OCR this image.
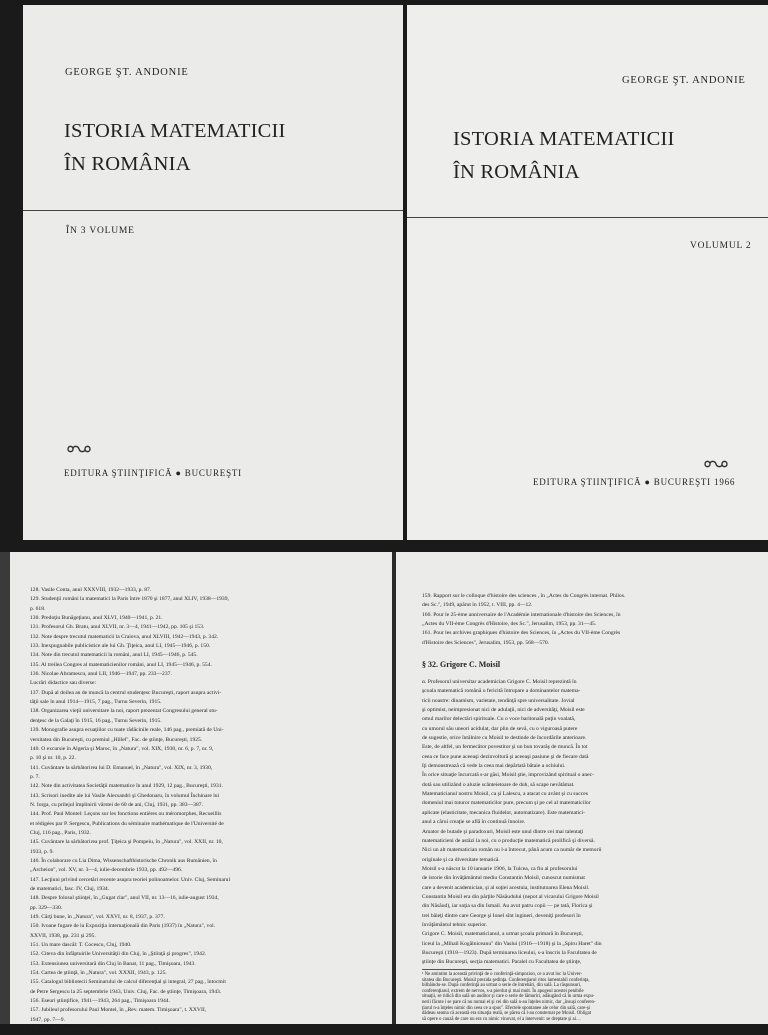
GEORGE ŞT. ANDONIE
ISTORIA MATEMATICII
ÎN ROMÂNIA
ÎN 3 VOLUME
EDITURA ŞTIINŢIFICĂ ● BUCUREŞTI
GEORGE ŞT. ANDONIE
ISTORIA MATEMATICII
ÎN ROMÂNIA
VOLUMUL 2
EDITURA ŞTIINŢIFICĂ ● BUCUREŞTI 1966
128. Vasile Conta, anul XXXVIII, 1932—1933, p. 87.
129. Studenţii români la matematici la Paris între 1870 şi 1877, anul XLIV, 1938—1939,
p. 618.
130. Predoţiu Bunăgeţianu, anul XLVI, 1940—1941, p. 21.
131. Profesorul Gh. Bratu, anul XLVII, nr. 3—4, 1941—1942, pp. 105 şi 153.
132. Note despre trecutul matematicii la Craiova, anul XLVIII, 1942—1943, p. 342.
133. Inexpugnabile publicistice ale lui Gh. Ţiţeica, anul LI, 1945—1946, p. 150.
134. Note din trecutul matematicii la români, anul LI, 1945—1946, p. 545.
135. Al treilea Congres al matematicienilor români, anul LI, 1945—1946, p. 554.
136. Nicolae Abramescu, anul LII, 1946—1947, pp. 233—237.
Lucrări didactice sau diverse:
137. După al doilea an de muncă la centrul studenţesc Bucureşti, raport asupra activi-
tăţii sale în anul 1914—1915, 7 pag., Turnu Severin, 1915.
138. Organizarea vieţii universitare la noi, raport prezentat Congresului general stu-
denţesc de la Galaţi în 1915, 16 pag., Turnu Severin, 1915.
139. Monografie asupra ecuaţiilor cu toate rădăcinile reale, 146 pag., premiată de Uni-
versitatea din Bucureşti, cu premiul „Hillel", Fac. de ştiinţe, Bucureşti, 1925.
140. O excursie în Algeria şi Maroc, în „Natura", vol. XIX, 1930, nr. 6, p. 7, nr. 9,
p. 10 şi nr. 10, p. 22.
141. Cuvântare la sărbătorirea lui D. Emanuel, în „Natura", vol. XIX, nr. 3, 1930,
p. 7.
142. Note din activitatea Societăţii matematice în anul 1929, 12 pag., Bucureşti, 1931.
143. Scrisori inedite ale lui Vasile Alecsandri şi Ghedonaru, în volumul Închinare lui
N. Iorga, cu prilejul împlinirii vârstei de 60 de ani, Cluj, 1931, pp. 383—387.
144. Prof. Paul Montel: Leçons sur les fonctions entières ou méromorphes, Recueillis
et rédigées par P. Sergescu, Publications du séminaire mathématique de l'Université de
Cluj, 116 pag., Paris, 1932.
145. Cuvântare la sărbătorirea prof. Ţiţeica şi Pompeiu, în „Natura", vol. XXII, nr. 10,
1933, p. 9.
146. În colaborare cu Lia Dima, Wissenschafthistorische Chronik aus Rumänien, în
„Archeion", vol. XV, nr. 3—4, iulie-decembrie 1933, pp. 492—496.
147. Lecţiuni privind cercetări recente asupra teoriei polinoamelor. Univ. Cluj, Seminarul
de matematici, fasc. IV, Cluj, 1934.
148. Despre folosul ştiinţei, în „Gugat clar", anul VII, nr. 13—16, iulie-august 1934,
pp. 329—330.
149. Cărţi bune, în „Natura", vol. XXVI, nr. 8, 1937, p. 377.
150. Ivoane fugare de la Expoziţia internaţională din Paris (1937) în „Natura", vol.
XXVII, 1938, pp. 231 şi 295.
151. Un mare dascăl: T. Cocescu, Cluj, 1940.
152. Citeva din înfăptuirile Universităţii din Cluj, în „Ştiinţă şi progres", 1942.
153. Extensiunea universitară din Cluj în Banat, 11 pag., Timişoara, 1943.
154. Cartea de ştiinţă, în „Natura", vol. XXXII, 1943, p. 125.
155. Catalogul bibliotecii Seminarului de calcul diferenţial şi integral, 27 pag., întocmit
de Petre Sergescu la 25 septembrie 1943, Univ. Cluj, Fac. de ştiinţe, Timişoara, 1943.
156. Eseuri ştiinţifice, 1941—1943, 264 pag., Timişoara 1944.
157. Jubileul profesorului Paul Montel, în „Rev. matem. Timişoara", t. XXVII,
1947, pp. 7—9.
158. Sur les relations scientifiques franco-roumaines, în „Bull. scient. roum.", t. I,
159. Rapport sur le colloque d'histoire des sciences , în „Actes du Congrès internat. Philos.
des Sc.", 1949, apărut în 1952, t. VIII, pp. 4—12.
160. Pour le 25-ème anniversaire de l'Académie internationale d'histoire des Sciences, în
„Actes du VII-ème Congrès d'Histoire, des Sc.", Jerusalim, 1953, pp. 31—45.
161. Pour les archives graphiques d'histoire des Sciences, în „Actes du VII-ème Congrès
d'Histoire des Sciences", Jerusalim, 1953, pp. 568—570.
§ 32. Grigore C. Moisil
α. Profesorul universitar academician Grigore C. Moisil reprezintă în
şcoala matematică română o fericită întrupare a dominantelor matema-
ticii noastre: dinamism, varietate, tendinţă spre universalitate. Jovial
şi optimist, neimpresionat nici de adulaţii, nici de adversităţi, Moisil este
omul marilor delectări spirituale. Cu o voce baritonală puţin voalată,
cu umorul său uneori acidulat, dar plin de sevă, cu o viguroasă putere
de sugestie, orice întâlnire cu Moisil te destinde de încordările anterioare.
Este, de altfel, un fermecător povestitor şi un bun tovarăş de muncă. În tot
ceea ce face pune aceeaşi dezinvoltură şi aceeaşi pasiune şi de fiecare dată
îţi demonstrează că vede la ceea mai depărtată bătaie a ochiului.
În orice situaţie încurcată s-ar găsi, Moisil ştie, improvizând spiritual o anec-
dotă sau utilizând o aluzie scânteietoare de duh, să scape nevătămat.
Matematicianul nostru Moisil, ca şi Lalescu, a atacat cu avânt şi cu succes
domeniul mai tuturor matematicilor pure, precum şi pe cel al matematicilor
aplicate (elasticitate, mecanica fluidelor, automatizare). Este matematici-
anul a cărui creaţie se află în continuă înnoire.
Amator de butade şi paradoxuri, Moisil este unul dintre cei mai talentaţi
matematicieni de astăzi la noi, cu o producţie matematică prolifică şi diversă.
Nici un alt matematician român nu l-a întrecut, până acum ca număr de memorii
originale şi ca diversitate tematică.
Moisil s-a născut la 10 ianuarie 1906, la Tulcea, ca fiu al profesorului
de istorie din învăţământul mediu Constantin Moisil, cunoscut numismat
care a devenit academician, şi al soţiei acestuia, institutoarea Elena Moisil.
Constantin Moisil era din părţile Năsăudului (nepot al vicarului Grigore Moisil
din Năsăud), iar soţia sa din Ismail. Au avut patru copii — pe tată, Florica şi
trei băieţi dintre care George şi Ionel sînt ingineri, deveniţi profesori în
învăţământul tehnic superior.
Grigore C. Moisil, matematicianul, a urmat şcoala primară în Bucureşti,
liceul la „Mihail Kogălniceanu" din Vaslui (1916—1918) şi la „Spiru Haret" din
Bucureşti (1918—1923). După terminarea liceului, s-a înscris la Facultatea de
ştiinţe din Bucureşti, secţia matematici. Paralel cu Facultatea de ştiinţe,
¹ Ne amintim la această privinţă de o conferinţă-simpozion, ce a avut loc la Univer-
sitatea din Bucureşti. Moisil prezida şedinţa. Conferenţiarul ritos lamentabil conferinţa,
bilbâindu-se. După conferinţă au urmat o serie de întrebări, din sală. La răspunsuri,
conferenţiarul, extrem de nervos, s-a pierdut şi mai mult. În apogeul acestei penibile
situaţii, se ridică din sală un auditor şi care o serie de lămuriri, adăugând că în urma expu-
nerii făcute i se pare că nu numai el şi cei din sală n-au înţeles nimic, dar „însuşi conferen-
ţiarul n-a înţeles nimic din ceea ce a spus". Efectele spontanee ale celor din sală, care-şi
dădeau seama că această era situaţia reală, se părea că l-au consternat pe Moisil. Obligat
să opere o cauză de care nu era cu nimic vinovat, el a intervenit: se dreptate şi ai…
